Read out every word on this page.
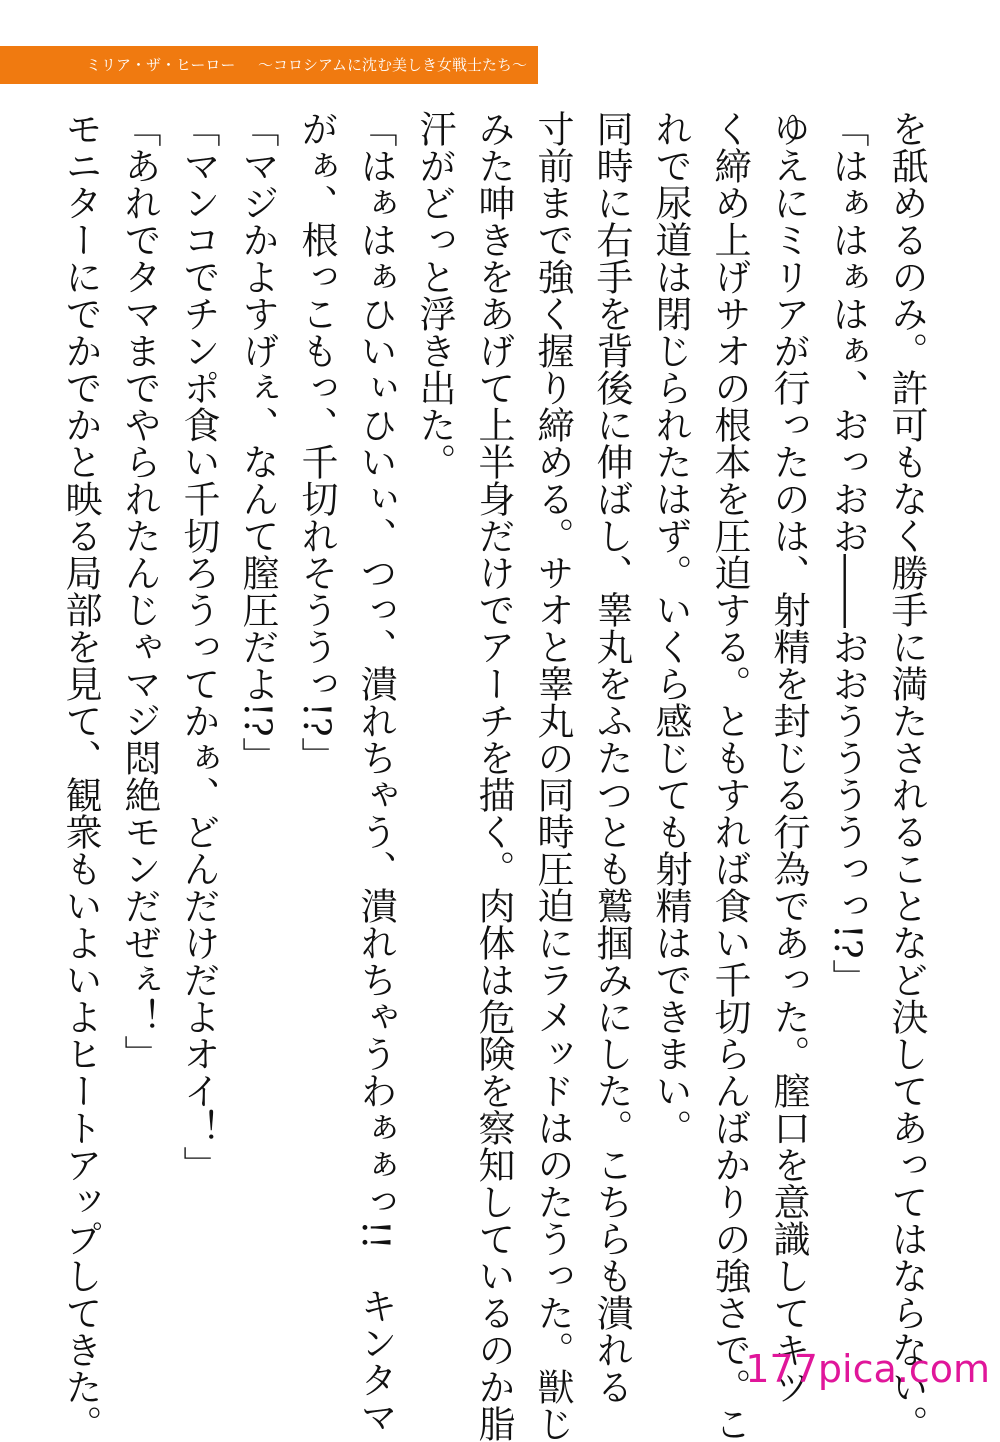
ミリア・ザ・ヒーロー 〜コロシアムに沈む美しき女戦士たち〜
を舐めるのみ。許可もなく勝手に満たされることなど決してあってはならない。
「はぁはぁはぁ、おっおお――おおううううっっ!?」
ゆえにミリアが行ったのは、射精を封じる行為であった。膣口を意識してキツ
く締め上げサオの根本を圧迫する。ともすれば食い千切らんばかりの強さで。こ
れで尿道は閉じられたはず。いくら感じても射精はできまい。
同時に右手を背後に伸ばし、睾丸をふたつとも鷲掴みにした。こちらも潰れる
寸前まで強く握り締める。サオと睾丸の同時圧迫にラメッドはのたうった。獣じ
みた呻きをあげて上半身だけでアーチを描く。肉体は危険を察知しているのか脂
汗がどっと浮き出た。
「はぁはぁひいぃひいぃ、つっ、潰れちゃう、潰れちゃうわぁぁっ!!　キンタマ
がぁ、根っこもっ、千切れそううっ!?」
「マジかよすげぇ、なんて膣圧だよ!?」
「マンコでチンポ食い千切ろうってかぁ、どんだけだよオイ！」
「あれでタマまでやられたんじゃマジ悶絶モンだぜぇ！」
モニターにでかでかと映る局部を見て、観衆もいよいよヒートアップしてきた。	177pica.com
